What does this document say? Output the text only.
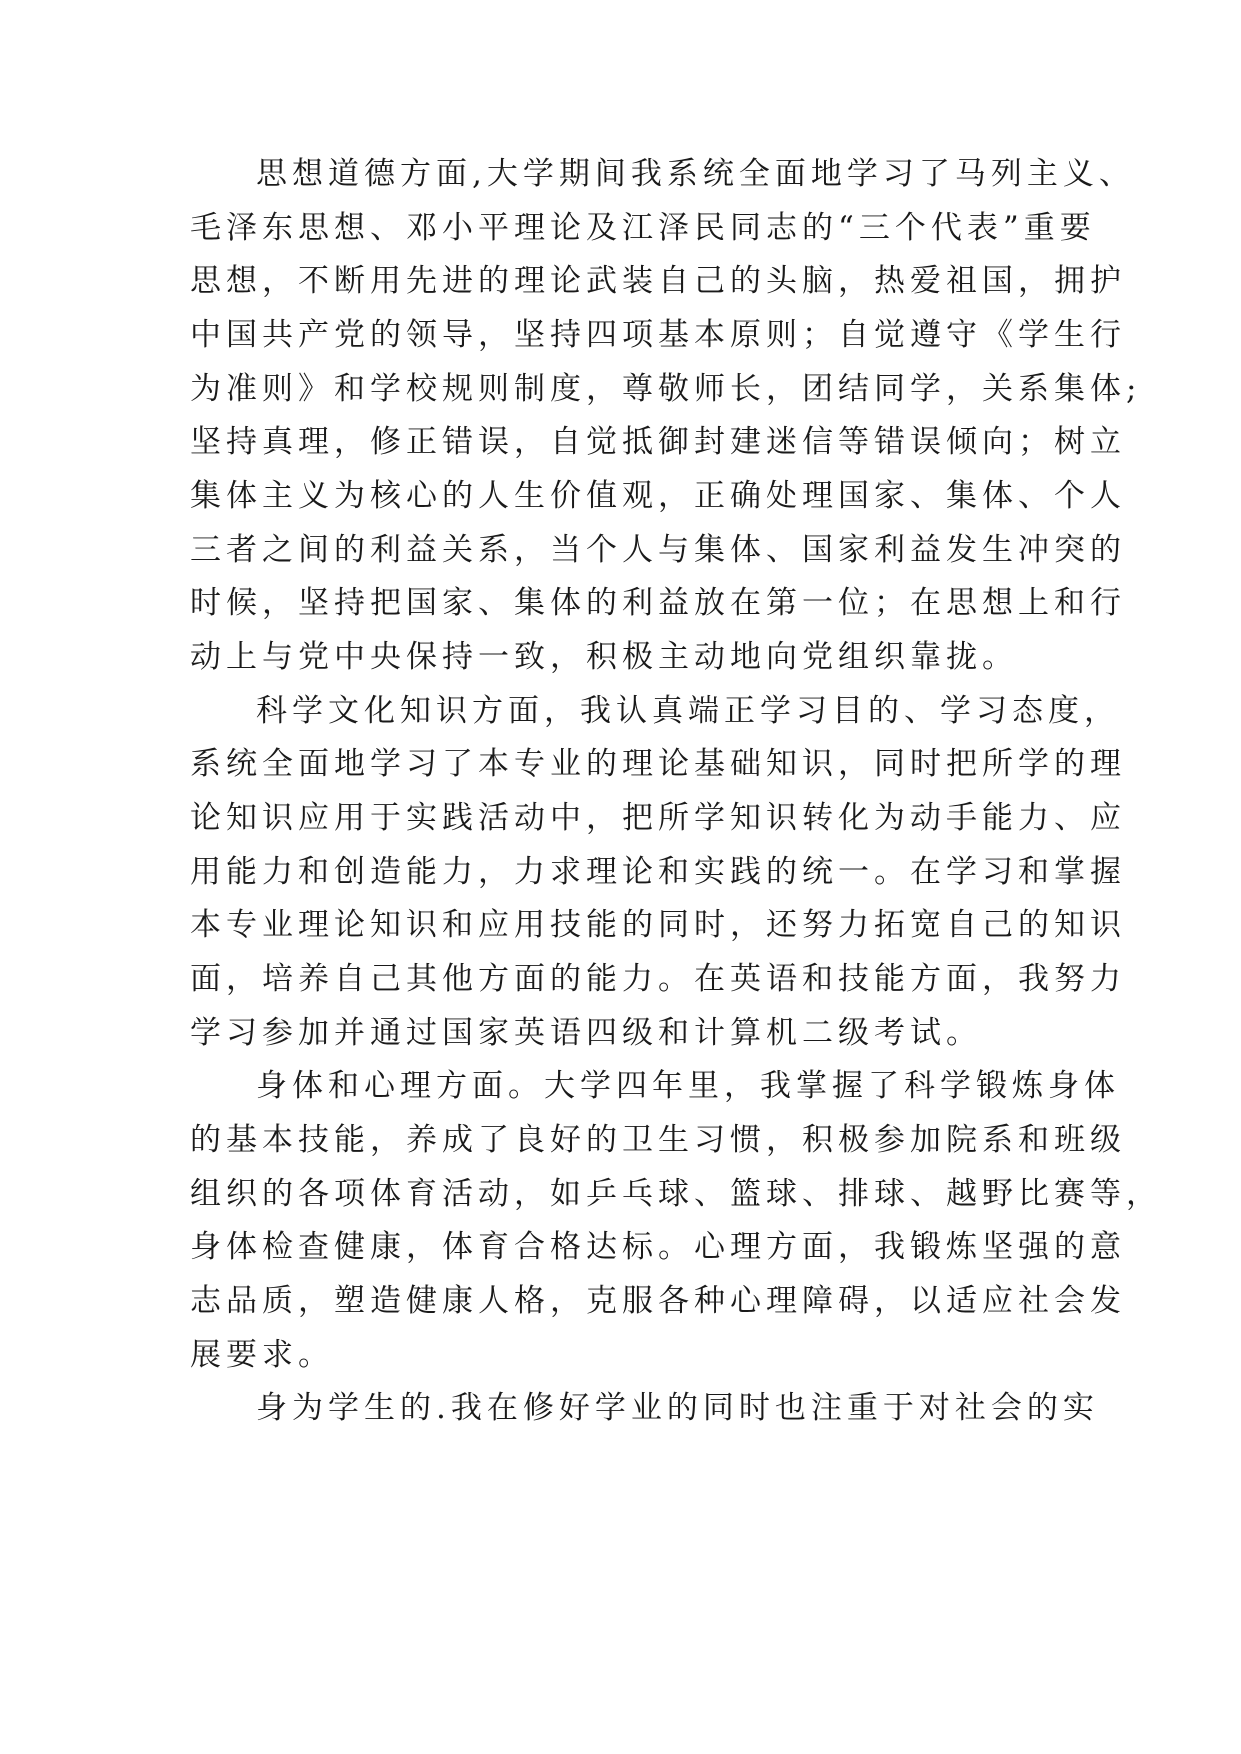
思想道德方面,大学期间我系统全面地学习了马列主义、
毛泽东思想、邓小平理论及江泽民同志的“三个代表”重要
思想，不断用先进的理论武装自己的头脑，热爱祖国，拥护
中国共产党的领导，坚持四项基本原则；自觉遵守《学生行
为准则》和学校规则制度，尊敬师长，团结同学，关系集体;
坚持真理，修正错误，自觉抵御封建迷信等错误倾向；树立
集体主义为核心的人生价值观，正确处理国家、集体、个人
三者之间的利益关系，当个人与集体、国家利益发生冲突的
时候，坚持把国家、集体的利益放在第一位；在思想上和行
动上与党中央保持一致，积极主动地向党组织靠拢。
科学文化知识方面，我认真端正学习目的、学习态度，
系统全面地学习了本专业的理论基础知识，同时把所学的理
论知识应用于实践活动中，把所学知识转化为动手能力、应
用能力和创造能力，力求理论和实践的统一。在学习和掌握
本专业理论知识和应用技能的同时，还努力拓宽自己的知识
面，培养自己其他方面的能力。在英语和技能方面，我努力
学习参加并通过国家英语四级和计算机二级考试。
身体和心理方面。大学四年里，我掌握了科学锻炼身体
的基本技能，养成了良好的卫生习惯，积极参加院系和班级
组织的各项体育活动，如乒乓球、篮球、排球、越野比赛等，
身体检查健康，体育合格达标。心理方面，我锻炼坚强的意
志品质，塑造健康人格，克服各种心理障碍，以适应社会发
展要求。
身为学生的.我在修好学业的同时也注重于对社会的实
